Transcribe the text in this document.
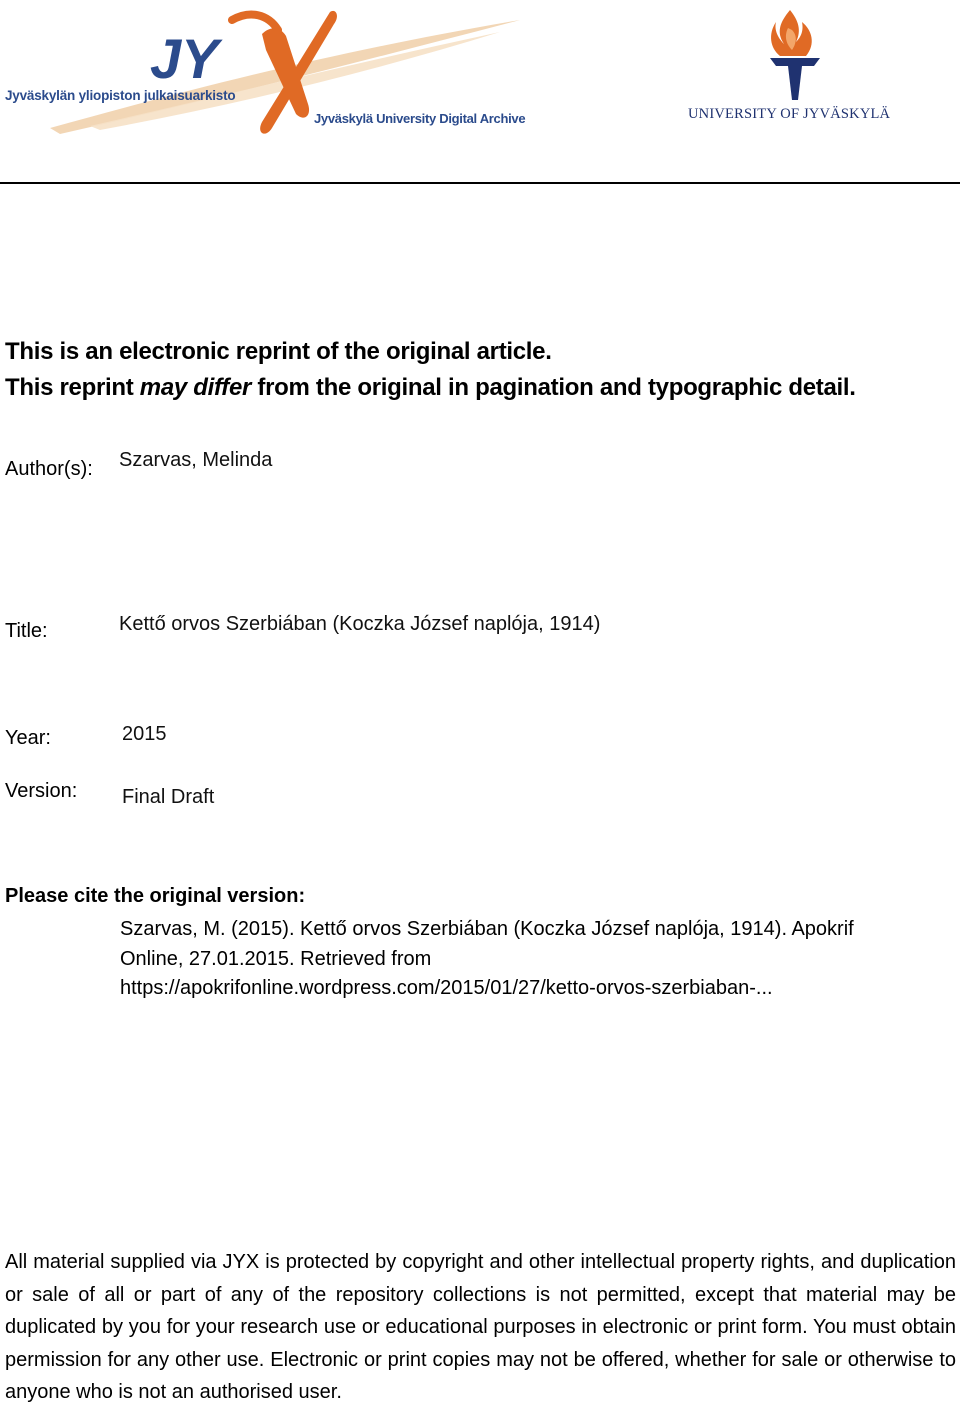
JY
Jyväskylän yliopiston julkaisuarkisto
Jyväskylä University Digital Archive	UNIVERSITY OF JYVÄSKYLÄ
This is an electronic reprint of the original article.
This reprint may differ from the original in pagination and typographic detail.
Author(s): Szarvas, Melinda
Title:	Kettő orvos Szerbiában (Koczka József naplója, 1914)
Year:	2015
Version: Final Draft
Please cite the original version:
Szarvas, M. (2015). Kettő orvos Szerbiában (Koczka József naplója, 1914). Apokrif Online, 27.01.2015. Retrieved from https://apokrifonline.wordpress.com/2015/01/27/ketto-orvos-szerbiaban-...
All material supplied via JYX is protected by copyright and other intellectual property rights, and duplication or sale of all or part of any of the repository collections is not permitted, except that material may be duplicated by you for your research use or educational purposes in electronic or print form. You must obtain permission for any other use. Electronic or print copies may not be offered, whether for sale or otherwise to anyone who is not an authorised user.
